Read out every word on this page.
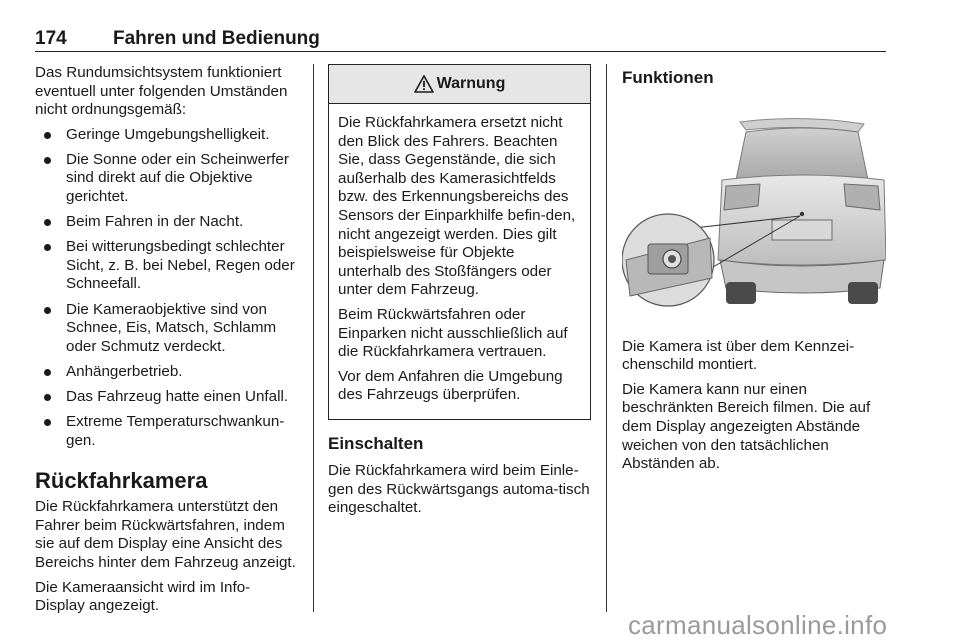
174 Fahren und Bedienung

Das Rundumsichtsystem funktioniert eventuell unter folgenden Umständen nicht ordnungsgemäß:

Geringe Umgebungshelligkeit.
Die Sonne oder ein Scheinwerfer sind direkt auf die Objektive gerichtet.
Beim Fahren in der Nacht.
Bei witterungsbedingt schlechter Sicht, z. B. bei Nebel, Regen oder Schneefall.
Die Kameraobjektive sind von Schnee, Eis, Matsch, Schlamm oder Schmutz verdeckt.
Anhängerbetrieb.
Das Fahrzeug hatte einen Unfall.
Extreme Temperaturschwankun-gen.
Rückfahrkamera

Die Rückfahrkamera unterstützt den Fahrer beim Rückwärtsfahren, indem sie auf dem Display eine Ansicht des Bereichs hinter dem Fahrzeug anzeigt.

Die Kameraansicht wird im Info-Display angezeigt.

Warnung

Die Rückfahrkamera ersetzt nicht den Blick des Fahrers. Beachten Sie, dass Gegenstände, die sich außerhalb des Kamerasichtfelds bzw. des Erkennungsbereichs des Sensors der Einparkhilfe befin-den, nicht angezeigt werden. Dies gilt beispielsweise für Objekte unterhalb des Stoßfängers oder unter dem Fahrzeug.

Beim Rückwärtsfahren oder Einparken nicht ausschließlich auf die Rückfahrkamera vertrauen.

Vor dem Anfahren die Umgebung des Fahrzeugs überprüfen.

Einschalten

Die Rückfahrkamera wird beim Einle-gen des Rückwärtsgangs automa-tisch eingeschaltet.

Funktionen

Die Kamera ist über dem Kennzei-chenschild montiert.

Die Kamera kann nur einen beschränkten Bereich filmen. Die auf dem Display angezeigten Abstände weichen von den tatsächlichen Abständen ab.

carmanualsonline.info
